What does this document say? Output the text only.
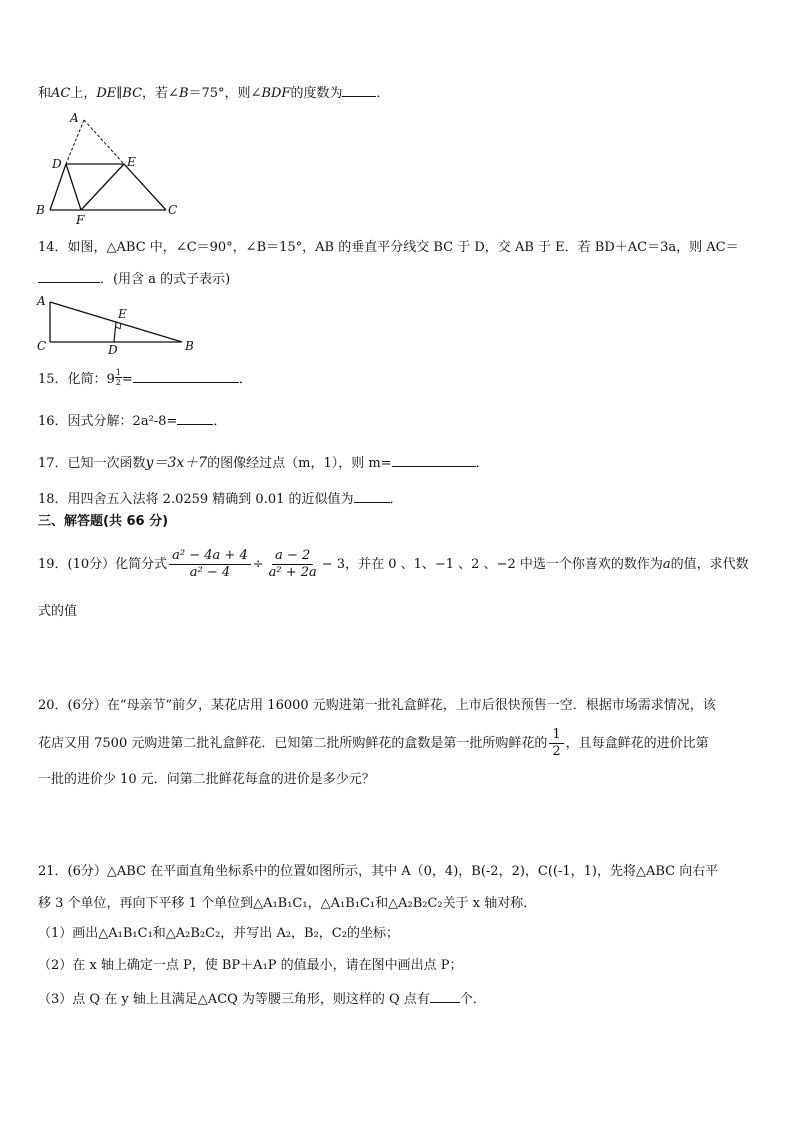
和AC上，DE∥BC，若∠B＝75°，则∠BDF的度数为	．
A
D	E
B	C
F
14．如图，△ABC 中，∠C＝90°，∠B＝15°，AB 的垂直平分线交 BC 于 D，交 AB 于 E．若 BD＋AC＝3a，则 AC＝
．(用含 a 的式子表示)
A
C
E
D	B
15．化简：$9 \frac{1}{2}$ =	．
16．因式分解：2a²-8=	．
17．已知一次函数y＝3x＋7的图像经过点（m，1），则 m=	．
18．用四舍五入法将 2.0259 精确到 0.01 的近似值为	．
三、解答题(共 66 分)
19．(10分）化简分式 $\frac{\text{a² − 4a + 4}}{\text{a² − 4}} \div \frac{a - 2}{\text{a² + 2a}} - 3$，并在 0 、1、−1 、2 、−2 中选一个你喜欢的数作为a的值，求代数
式的值
20．(6分）在“母亲节”前夕，某花店用 16000 元购进第一批礼盒鲜花，上市后很快预售一空．根据市场需求情况，该
花店又用 7500 元购进第二批礼盒鲜花．已知第二批所购鲜花的盒数是第一批所购鲜花的 $\frac{1}{2}$ ，且每盒鲜花的进价比第
一批的进价少 10 元．问第二批鲜花每盒的进价是多少元？
21．(6分）△ABC 在平面直角坐标系中的位置如图所示，其中 A（0，4)，B(-2，2)，C((-1，1)，先将△ABC 向右平
移 3 个单位，再向下平移 1 个单位到△A₁B₁C₁，△A₁B₁C₁和△A₂B₂C₂关于 x 轴对称．
（1）画出△A₁B₁C₁和△A₂B₂C₂，并写出 A₂，B₂，C₂的坐标；
（2）在 x 轴上确定一点 P，使 BP＋A₁P 的值最小，请在图中画出点 P；
（3）点 Q 在 y 轴上且满足△ACQ 为等腰三角形，则这样的 Q 点有 个．
